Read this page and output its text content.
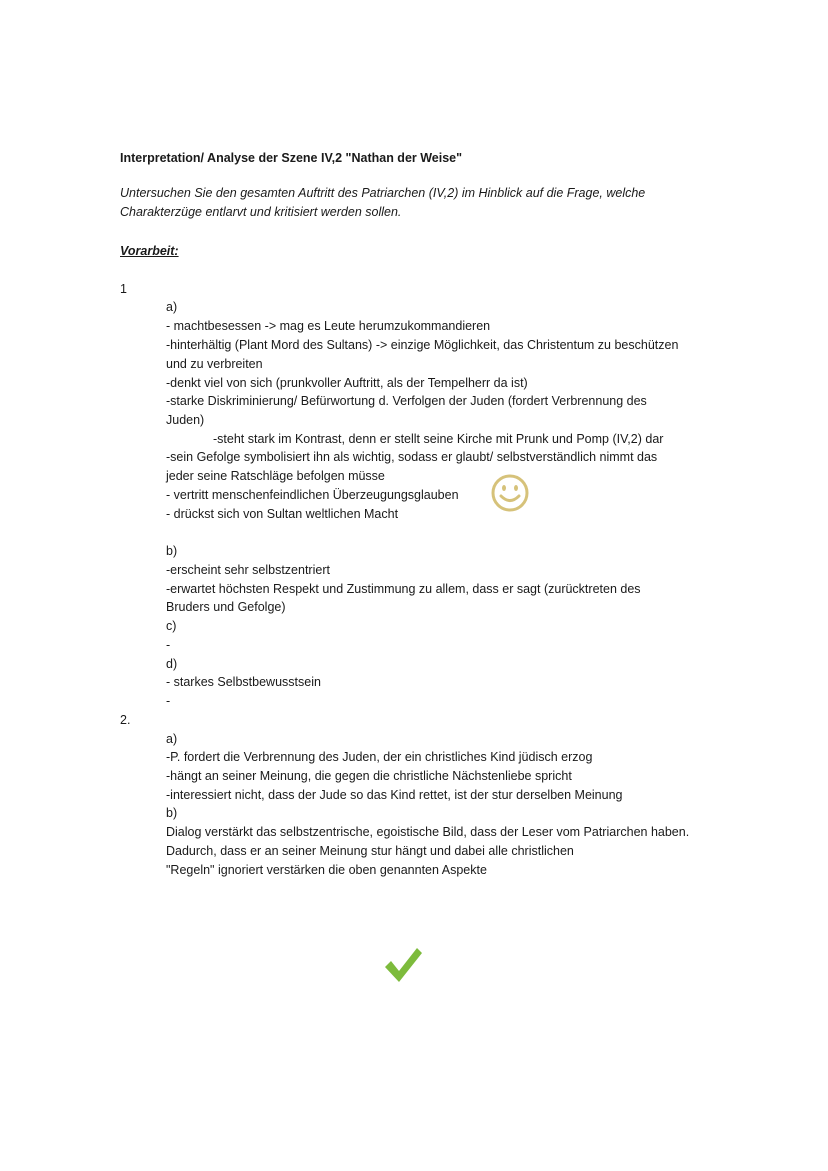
Interpretation/ Analyse der Szene IV,2 "Nathan der Weise"
Untersuchen Sie den gesamten Auftritt des Patriarchen (IV,2) im Hinblick auf die Frage, welche
Charakterzüge entlarvt und kritisiert werden sollen.
Vorarbeit:
1
a)
- machtbesessen -> mag es Leute herumzukommandieren
-hinterhältig (Plant Mord des Sultans) -> einzige Möglichkeit, das Christentum zu beschützen
und zu verbreiten
-denkt viel von sich (prunkvoller Auftritt, als der Tempelherr da ist)
-starke Diskriminierung/ Befürwortung d. Verfolgen der Juden (fordert Verbrennung des
Juden)
-steht stark im Kontrast, denn er stellt seine Kirche mit Prunk und Pomp (IV,2) dar
-sein Gefolge symbolisiert ihn als wichtig, sodass er glaubt/ selbstverständlich nimmt das
jeder seine Ratschläge befolgen müsse
- vertritt menschenfeindlichen Überzeugungsglauben
- drückst sich von Sultan weltlichen Macht
b)
-erscheint sehr selbstzentriert
-erwartet höchsten Respekt und Zustimmung zu allem, dass er sagt (zurücktreten des
Bruders und Gefolge)
c)
-
d)
- starkes Selbstbewusstsein
-
2.
a)
-P. fordert die Verbrennung des Juden, der ein christliches Kind jüdisch erzog
-hängt an seiner Meinung, die gegen die christliche Nächstenliebe spricht
-interessiert nicht, dass der Jude so das Kind rettet, ist der stur derselben Meinung
b)
Dialog verstärkt das selbstzentrische, egoistische Bild, dass der Leser vom Patriarchen haben.
Dadurch, dass er an seiner Meinung stur hängt und dabei alle christlichen
"Regeln" ignoriert verstärken die oben genannten Aspekte
